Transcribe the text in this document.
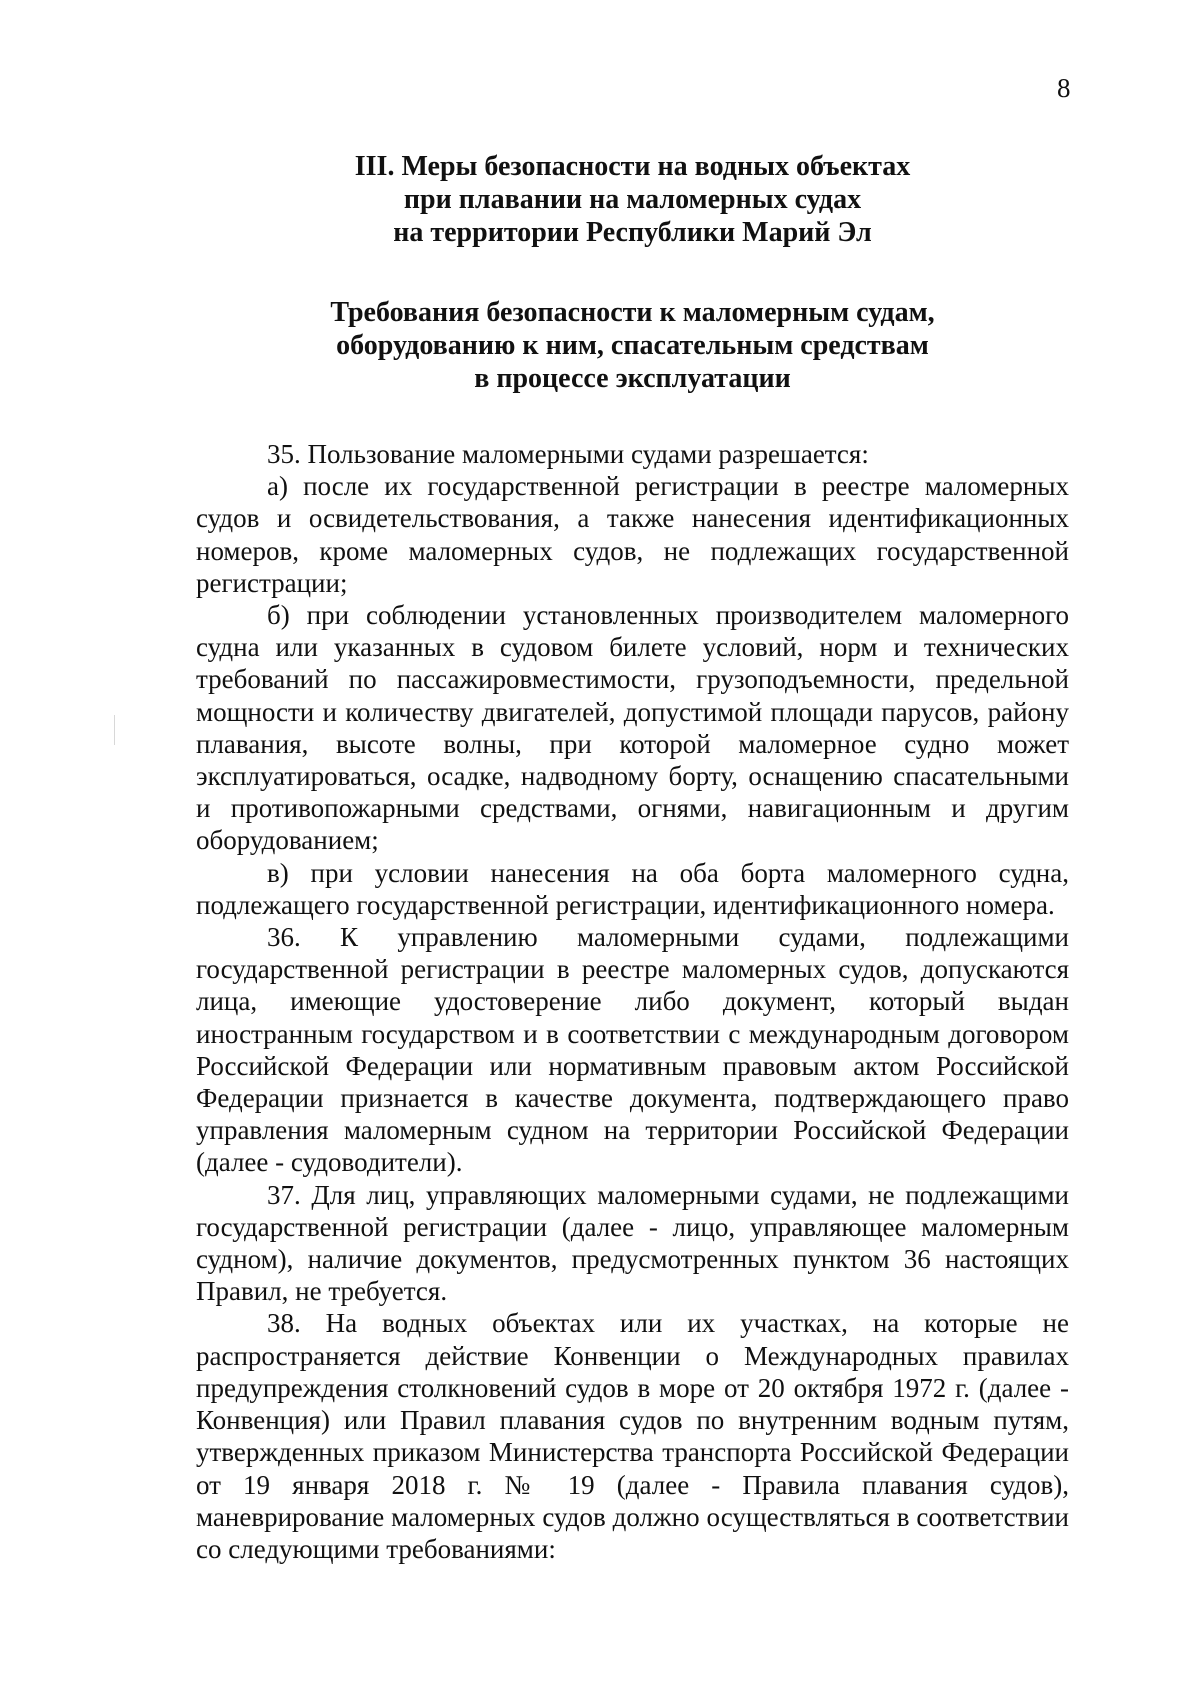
8
III. Меры безопасности на водных объектах
при плавании на маломерных судах
на территории Республики Марий Эл
Требования безопасности к маломерным судам,
оборудованию к ним, спасательным средствам
в процессе эксплуатации

35. Пользование маломерными судами разрешается:

а) после их государственной регистрации в реестре маломерных судов и освидетельствования, а также нанесения идентификационных номеров, кроме маломерных судов, не подлежащих государственной регистрации;

б) при соблюдении установленных производителем маломерного судна или указанных в судовом билете условий, норм и технических требований по пассажировместимости, грузоподъемности, предельной мощности и количеству двигателей, допустимой площади парусов, району плавания, высоте волны, при которой маломерное судно может эксплуатироваться, осадке, надводному борту, оснащению спасательными и противопожарными средствами, огнями, навигационным и другим оборудованием;

в) при условии нанесения на оба борта маломерного судна, подлежащего государственной регистрации, идентификационного номера.

36. К управлению маломерными судами, подлежащими государственной регистрации в реестре маломерных судов, допускаются лица, имеющие удостоверение либо документ, который выдан иностранным государством и в соответствии с международным договором Российской Федерации или нормативным правовым актом Российской Федерации признается в качестве документа, подтверждающего право управления маломерным судном на территории Российской Федерации (далее - судоводители).

37. Для лиц, управляющих маломерными судами, не подлежащими государственной регистрации (далее - лицо, управляющее маломерным судном), наличие документов, предусмотренных пунктом 36 настоящих Правил, не требуется.

38. На водных объектах или их участках, на которые не распространяется действие Конвенции о Международных правилах предупреждения столкновений судов в море от 20 октября 1972 г. (далее - Конвенция) или Правил плавания судов по внутренним водным путям, утвержденных приказом Министерства транспорта Российской Федерации от 19 января 2018 г. № 19 (далее - Правила плавания судов), маневрирование маломерных судов должно осуществляться в соответствии со следующими требованиями:
